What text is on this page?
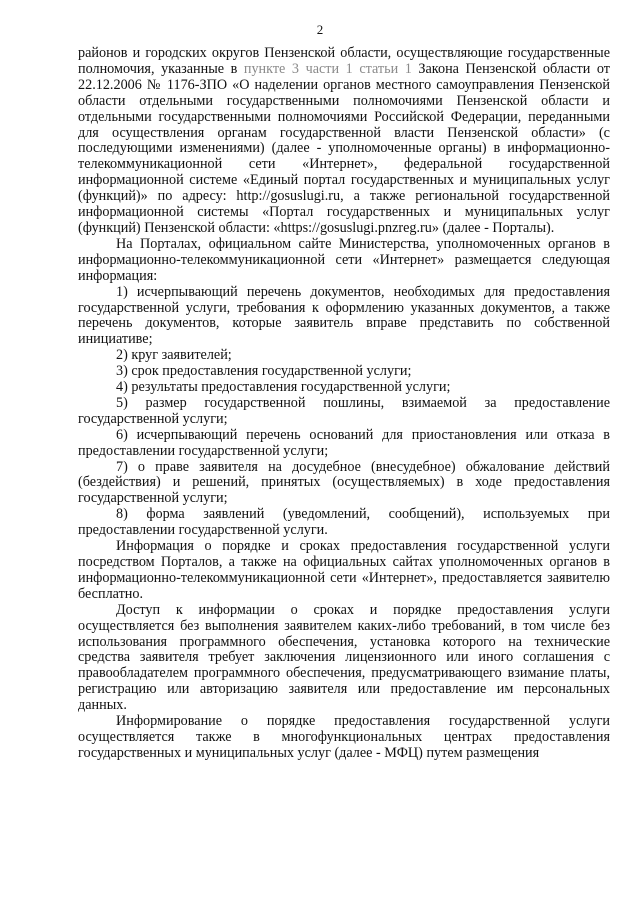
2

районов и городских округов Пензенской области, осуществляющие государственные полномочия, указанные в пункте 3 части 1 статьи 1 Закона Пензенской области от 22.12.2006 № 1176-ЗПО «О наделении органов местного самоуправления Пензенской области отдельными государственными полномочиями Пензенской области и отдельными государственными полномочиями Российской Федерации, переданными для осуществления органам государственной власти Пензенской области» (с последующими изменениями) (далее - уполномоченные органы) в информационно-телекоммуникационной сети «Интернет», федеральной государственной информационной системе «Единый портал государственных и муниципальных услуг (функций)» по адресу: http://gosuslugi.ru, а также региональной государственной информационной системы «Портал государственных и муниципальных услуг (функций) Пензенской области: «https://gosuslugi.pnzreg.ru» (далее - Порталы).

На Порталах, официальном сайте Министерства, уполномоченных органов в информационно-телекоммуникационной сети «Интернет» размещается следующая информация:

1) исчерпывающий перечень документов, необходимых для предоставления государственной услуги, требования к оформлению указанных документов, а также перечень документов, которые заявитель вправе представить по собственной инициативе;

2) круг заявителей;

3) срок предоставления государственной услуги;

4) результаты предоставления государственной услуги;

5) размер государственной пошлины, взимаемой за предоставление государственной услуги;

6) исчерпывающий перечень оснований для приостановления или отказа в предоставлении государственной услуги;

7) о праве заявителя на досудебное (внесудебное) обжалование действий (бездействия) и решений, принятых (осуществляемых) в ходе предоставления государственной услуги;

8) форма заявлений (уведомлений, сообщений), используемых при предоставлении государственной услуги.

Информация о порядке и сроках предоставления государственной услуги посредством Порталов, а также на официальных сайтах уполномоченных органов в информационно-телекоммуникационной сети «Интернет», предоставляется заявителю бесплатно.

Доступ к информации о сроках и порядке предоставления услуги осуществляется без выполнения заявителем каких-либо требований, в том числе без использования программного обеспечения, установка которого на технические средства заявителя требует заключения лицензионного или иного соглашения с правообладателем программного обеспечения, предусматривающего взимание платы, регистрацию или авторизацию заявителя или предоставление им персональных данных.

Информирование о порядке предоставления государственной услуги осуществляется также в многофункциональных центрах предоставления государственных и муниципальных услуг (далее - МФЦ) путем размещения
